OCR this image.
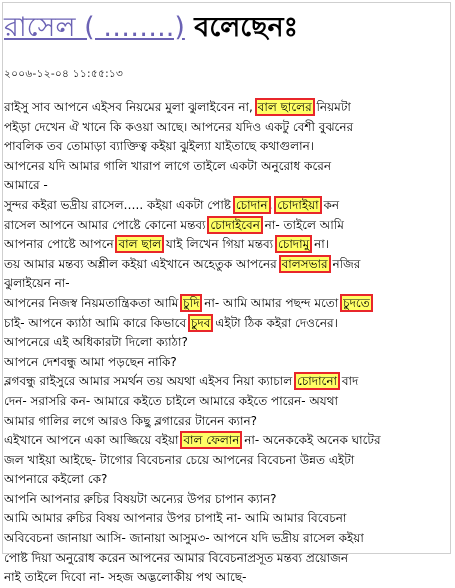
রাসেল ( ……..) বলেছেনঃ
২০০৬-১২-০৪ ১১:৫৫:১৩
রাইসু সাব আপনে এইসব নিয়মের মুলা ঝুলাইবেন না, বাল ছালের নিয়মটা
পইড়া দেখেন ঐ খানে কি কওয়া আছে। আপনের যদিও একটু বেশী বুঝনের
পাবলিক তব তোমাড়া ব্যাক্তিত্ব কইয়া ঝুইল্যা যাইতাছে কথাগুলান।
আপনের যদি আমার গালি খারাপ লাগে তাইলে একটা অনুরোধ করেন
আমারে -
সুন্দর কইরা ভদ্রীয় রাসেল….. কইয়া একটা পোষ্ট চোদান, চোদাইয়া কন
রাসেল আপনে আমার পোষ্টে কোনো মন্তব্য চোদাইবেন না- তাইলে আমি
আপনার পোষ্টে আপনে বাল ছাল যাই লিখেন গিয়া মন্তব্য চোদামু না।
তয় আমার মন্তব্য অশ্লীল কইয়া এইখানে অহেতুক আপনের বালসভার নজির
ঝুলাইয়েন না-
আপনের নিজস্ব নিয়মতান্ত্রিকতা আমি চুদি না- আমি আমার পছন্দ মতো চুদতে
চাই- আপনে ক্যাঠা আমি কারে কিভাবে চুদব এইটা ঠিক কইরা দেওনের।
আপনেরে এই অধিকারটা দিলো ক্যাঠা?
আপনে দেশবন্ধু আমা পড়ছেন নাকি?
ব্লগবন্ধু রাইসুরে আমার সমর্থন তয় অযথা এইসব নিয়া ক্যাচাল চোদানো বাদ
দেন- সরাসরি কন- আমারে কইতে চাইলে আমারে কইতে পারেন- অযথা
আমার গালির লগে আরও কিছু ব্লগারের টানেন ক্যান?
এইখানে আপনে একা আজ্জিয়ে বইয়া বাল ফেলান না- অনেককেই অনেক ঘাটের
জল খাইয়া আইছে- টাগোর বিবেচনার চেয়ে আপনের বিবেচনা উন্নত এইটা
আপনারে কইলো কে?
আপনি আপনার রুচির বিষয়টা অন্যের উপর চাপান ক্যান?
আমি আমার রুচির বিষয় আপনার উপর চাপাই না- আমি আমার বিবেচনা
অবিবেচনা জানায়া আসি- জানায়া আসুম৩- আপনে যদি ভদ্রীয় রাসেল কইয়া
পোষ্ট দিয়া অনুরোধ করেন আপনের আমার বিবেচনাপ্রসূত মন্তব্য প্রয়োজন
নাই তাইলে দিবো না- সহজ অদ্ভলোকীয় পথ আছে-
